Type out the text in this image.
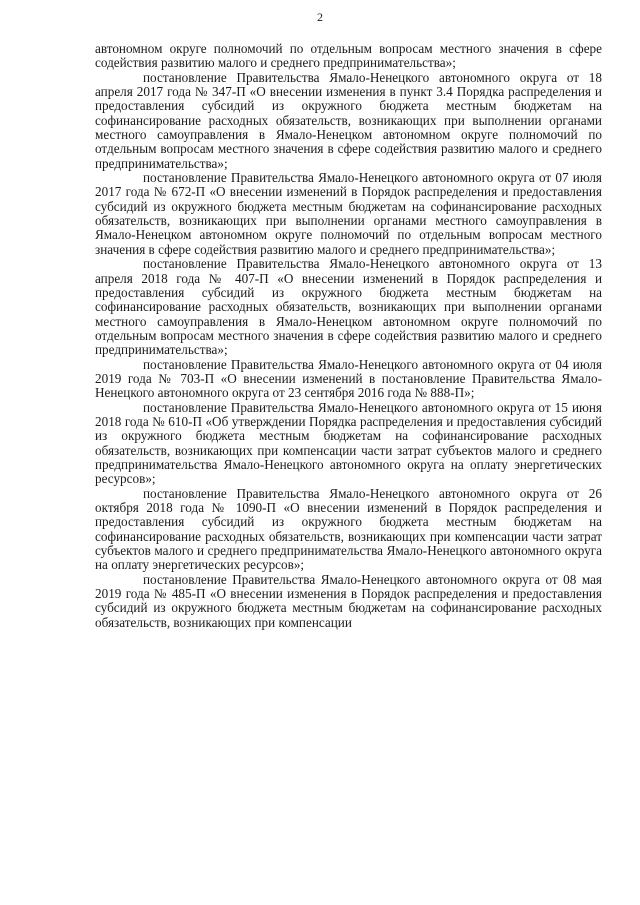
2

автономном округе полномочий по отдельным вопросам местного значения в сфере содействия развитию малого и среднего предпринимательства»;

постановление Правительства Ямало-Ненецкого автономного округа от 18 апреля 2017 года № 347-П «О внесении изменения в пункт 3.4 Порядка распределения и предоставления субсидий из окружного бюджета местным бюджетам на софинансирование расходных обязательств, возникающих при выполнении органами местного самоуправления в Ямало-Ненецком автономном округе полномочий по отдельным вопросам местного значения в сфере содействия развитию малого и среднего предпринимательства»;

постановление Правительства Ямало-Ненецкого автономного округа от 07 июля 2017 года № 672-П «О внесении изменений в Порядок распределения и предоставления субсидий из окружного бюджета местным бюджетам на софинансирование расходных обязательств, возникающих при выполнении органами местного самоуправления в Ямало-Ненецком автономном округе полномочий по отдельным вопросам местного значения в сфере содействия развитию малого и среднего предпринимательства»;

постановление Правительства Ямало-Ненецкого автономного округа от 13 апреля 2018 года № 407-П «О внесении изменений в Порядок распределения и предоставления субсидий из окружного бюджета местным бюджетам на софинансирование расходных обязательств, возникающих при выполнении органами местного самоуправления в Ямало-Ненецком автономном округе полномочий по отдельным вопросам местного значения в сфере содействия развитию малого и среднего предпринимательства»;

постановление Правительства Ямало-Ненецкого автономного округа от 04 июля 2019 года № 703-П «О внесении изменений в постановление Правительства Ямало-Ненецкого автономного округа от 23 сентября 2016 года № 888-П»;

постановление Правительства Ямало-Ненецкого автономного округа от 15 июня 2018 года № 610-П «Об утверждении Порядка распределения и предоставления субсидий из окружного бюджета местным бюджетам на софинансирование расходных обязательств, возникающих при компенсации части затрат субъектов малого и среднего предпринимательства Ямало-Ненецкого автономного округа на оплату энергетических ресурсов»;

постановление Правительства Ямало-Ненецкого автономного округа от 26 октября 2018 года № 1090-П «О внесении изменений в Порядок распределения и предоставления субсидий из окружного бюджета местным бюджетам на софинансирование расходных обязательств, возникающих при компенсации части затрат субъектов малого и среднего предпринимательства Ямало-Ненецкого автономного округа на оплату энергетических ресурсов»;

постановление Правительства Ямало-Ненецкого автономного округа от 08 мая 2019 года № 485-П «О внесении изменения в Порядок распределения и предоставления субсидий из окружного бюджета местным бюджетам на софинансирование расходных обязательств, возникающих при компенсации
